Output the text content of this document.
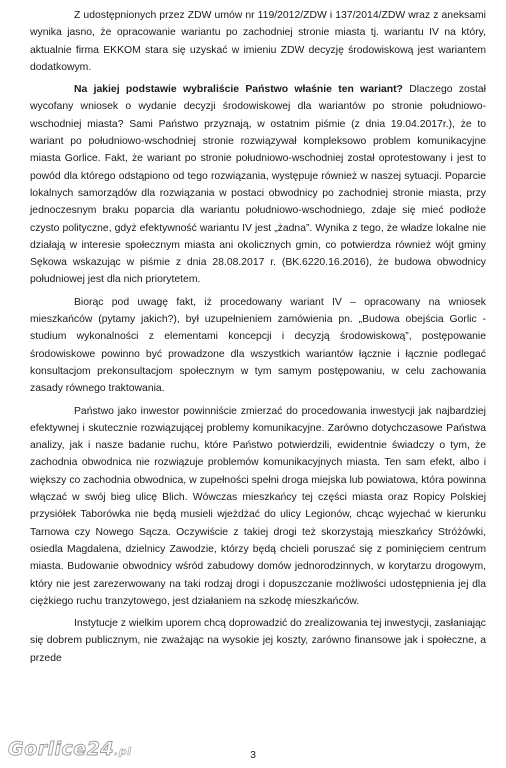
Z udostępnionych przez ZDW umów nr 119/2012/ZDW i 137/2014/ZDW wraz z aneksami wynika jasno, że opracowanie wariantu po zachodniej stronie miasta tj. wariantu IV na który, aktualnie firma EKKOM stara się uzyskać w imieniu ZDW decyzję środowiskową jest wariantem dodatkowym.

Na jakiej podstawie wybraliście Państwo właśnie ten wariant? Dlaczego został wycofany wniosek o wydanie decyzji środowiskowej dla wariantów po stronie południowo-wschodniej miasta? Sami Państwo przyznają, w ostatnim piśmie (z dnia 19.04.2017r.), że to wariant po południowo-wschodniej stronie rozwiązywał kompleksowo problem komunikacyjne miasta Gorlice. Fakt, że wariant po stronie południowo-wschodniej został oprotestowany i jest to powód dla którego odstąpiono od tego rozwiązania, występuje również w naszej sytuacji. Poparcie lokalnych samorządów dla rozwiązania w postaci obwodnicy po zachodniej stronie miasta, przy jednoczesnym braku poparcia dla wariantu południowo-wschodniego, zdaje się mieć podłoże czysto polityczne, gdyż efektywność wariantu IV jest „żadna”. Wynika z tego, że władze lokalne nie działają w interesie społecznym miasta ani okolicznych gmin, co potwierdza również wójt gminy Sękowa wskazując w piśmie z dnia 28.08.2017 r. (BK.6220.16.2016), że budowa obwodnicy południowej jest dla nich priorytetem.

Biorąc pod uwagę fakt, iż procedowany wariant IV – opracowany na wniosek mieszkańców (pytamy jakich?), był uzupełnieniem zamówienia pn. „Budowa obejścia Gorlic - studium wykonalności z elementami koncepcji i decyzją środowiskową”, postępowanie środowiskowe powinno być prowadzone dla wszystkich wariantów łącznie i łącznie podlegać konsultacjom prekonsultacjom społecznym w tym samym postępowaniu, w celu zachowania zasady równego traktowania.

Państwo jako inwestor powinniście zmierzać do procedowania inwestycji jak najbardziej efektywnej i skutecznie rozwiązującej problemy komunikacyjne. Zarówno dotychczasowe Państwa analizy, jak i nasze badanie ruchu, które Państwo potwierdzili, ewidentnie świadczy o tym, że zachodnia obwodnica nie rozwiązuje problemów komunikacyjnych miasta. Ten sam efekt, albo i większy co zachodnia obwodnica, w zupełności spełni droga miejska lub powiatowa, która powinna włączać w swój bieg ulicę Blich. Wówczas mieszkańcy tej części miasta oraz Ropicy Polskiej przysiółek Taborówka nie będą musieli wjeżdżać do ulicy Legionów, chcąc wyjechać w kierunku Tarnowa czy Nowego Sącza. Oczywiście z takiej drogi też skorzystają mieszkańcy Stróżówki, osiedla Magdalena, dzielnicy Zawodzie, którzy będą chcieli poruszać się z pominięciem centrum miasta. Budowanie obwodnicy wśród zabudowy domów jednorodzinnych, w korytarzu drogowym, który nie jest zarezerwowany na taki rodzaj drogi i dopuszczanie możliwości udostępnienia jej dla ciężkiego ruchu tranzytowego, jest działaniem na szkodę mieszkańców.

Instytucje z wielkim uporem chcą doprowadzić do zrealizowania tej inwestycji, zasłaniając się dobrem publicznym, nie zważając na wysokie jej koszty, zarówno finansowe jak i społeczne, a przede

Gorlice24.pl	3
